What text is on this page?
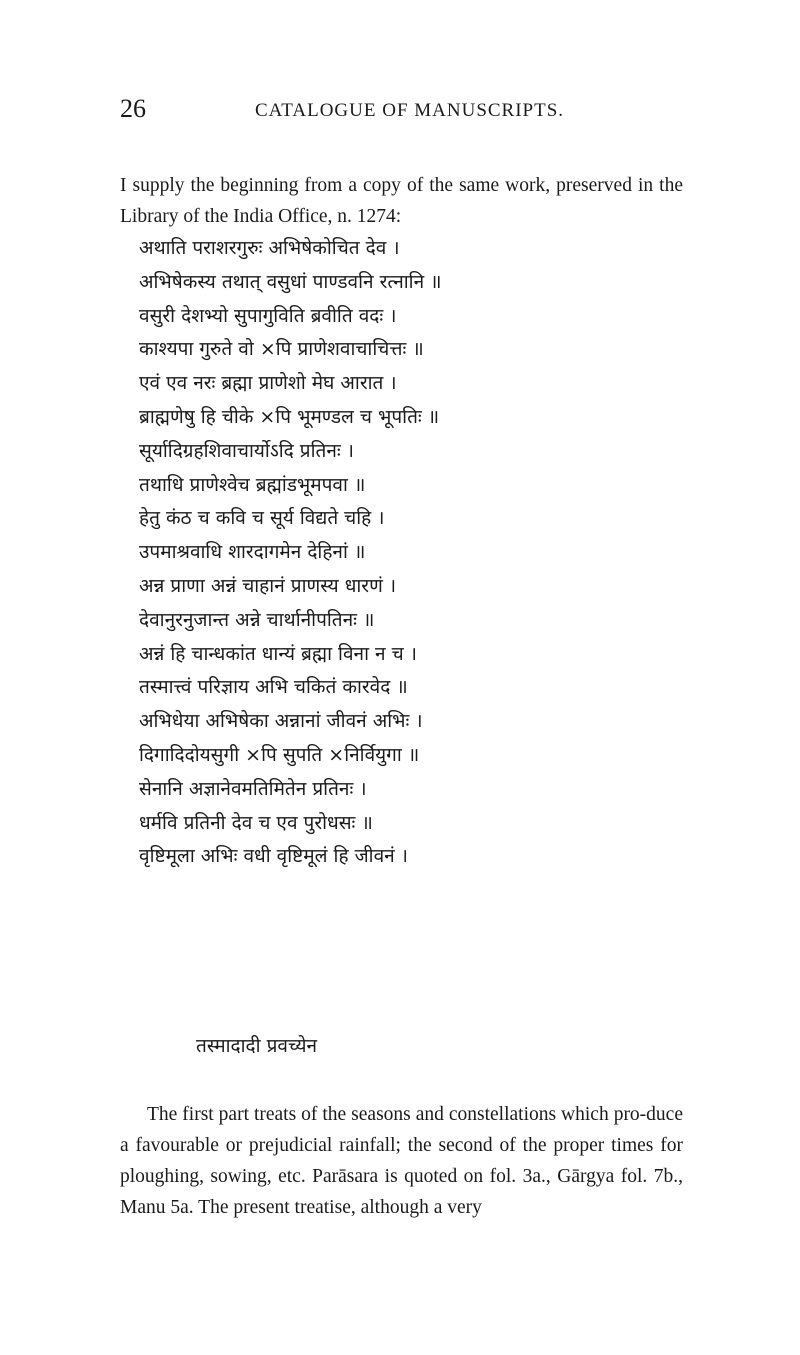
26	CATALOGUE OF MANUSCRIPTS.

I supply the beginning from a copy of the same work, preserved in the Library of the India Office, n. 1274:

अथाति पराशरगुरुः अभिषेकोचित देव ।
अभिषेकस्य तथात् वसुधां पाण्डवनि रत्नानि ॥
वसुरी देशभ्यो सुपागुविति ब्रवीति वदः ।
काश्यपा गुरुते वो ×पि प्राणेशवाचाचित्तः ॥
एवं एव नरः ब्रह्मा प्राणेशो मेघ आरात ।
ब्राह्मणेषु हि चीके ×पि भूमण्डल च भूपतिः ॥
सूर्यादिग्रहशिवाचार्योऽदि प्रतिनः ।
तथाधि प्राणेश्वेच ब्रह्मांडभूमपवा ॥
हेतु कंठ च कवि च सूर्य विद्यते चहि ।
उपमाश्रवाधि शारदागमेन देहिनां ॥
अन्न प्राणा अन्नं चाहानं प्राणस्य धारणं ।
देवानुरनुजान्त अन्ने चार्थानीपतिनः ॥
अन्नं हि चान्धकांत धान्यं ब्रह्मा विना न च ।
तस्मात्त्वं परिज्ञाय अभि चकितं कारवेद ॥
अभिधेया अभिषेका अन्नानां जीवनं अभिः ।
दिगादिदोयसुगी ×पि सुपति ×निर्वियुगा ॥
सेनानि अज्ञानेवमतिमितेन प्रतिनः ।
धर्मवि प्रतिनी देव च एव पुरोधसः ॥
वृष्टिमूला अभिः वधी वृष्टिमूलं हि जीवनं ।
तस्मादादी प्रवच्येन

The first part treats of the seasons and constellations which pro-duce a favourable or prejudicial rainfall; the second of the proper times for ploughing, sowing, etc. Parāsara is quoted on fol. 3a., Gārgya fol. 7b., Manu 5a. The present treatise, although a very
